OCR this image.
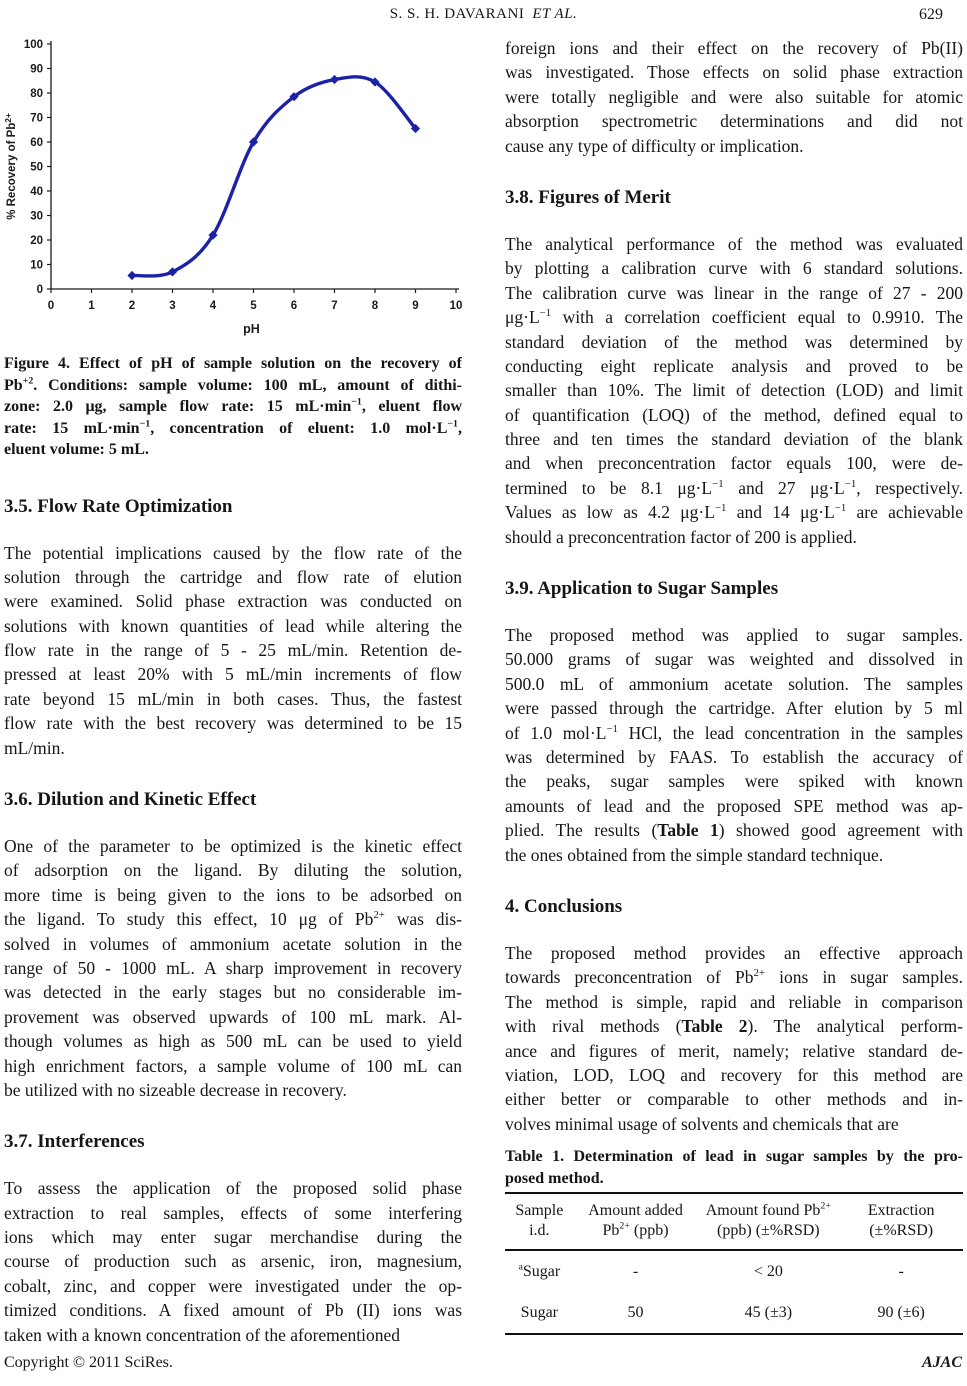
S. S. H. DAVARANI ET AL.	629
0
10
20
30
40
50
60
70
80
90
100
0	1	2	3	4	5	6	7	8	9	10
pH
% Recovery of $Pb^{2+}$
Figure 4. Effect of pH of sample solution on the recovery of
$Pb^{+2}$. Conditions: sample volume: 100 mL, amount of dithi-
zone: 2.0 μg, sample flow rate: 15 $mL\cdot\min^{-1}$, eluent flow
rate: 15 $mL\cdot\min^{-1}$, concentration of eluent: 1.0 $mol\cdot L^{-1}$,
eluent volume: 5 mL.
3.5. Flow Rate Optimization
The potential implications caused by the flow rate of the
solution through the cartridge and flow rate of elution
were examined. Solid phase extraction was conducted on
solutions with known quantities of lead while altering the
flow rate in the range of 5 - 25 mL/min. Retention de-
pressed at least 20% with 5 mL/min increments of flow
rate beyond 15 mL/min in both cases. Thus, the fastest
flow rate with the best recovery was determined to be 15
mL/min.
3.6. Dilution and Kinetic Effect
One of the parameter to be optimized is the kinetic effect
of adsorption on the ligand. By diluting the solution,
more time is being given to the ions to be adsorbed on
the ligand. To study this effect, 10 μg of $Pb^{2+}$ was dis-
solved in volumes of ammonium acetate solution in the
range of 50 - 1000 mL. A sharp improvement in recovery
was detected in the early stages but no considerable im-
provement was observed upwards of 100 mL mark. Al-
though volumes as high as 500 mL can be used to yield
high enrichment factors, a sample volume of 100 mL can
be utilized with no sizeable decrease in recovery.
3.7. Interferences
To assess the application of the proposed solid phase
extraction to real samples, effects of some interfering
ions which may enter sugar merchandise during the
course of production such as arsenic, iron, magnesium,
cobalt, zinc, and copper were investigated under the op-
timized conditions. A fixed amount of Pb (II) ions was
taken with a known concentration of the aforementioned
foreign ions and their effect on the recovery of Pb(II)
was investigated. Those effects on solid phase extraction
were totally negligible and were also suitable for atomic
absorption spectrometric determinations and did not
cause any type of difficulty or implication.
3.8. Figures of Merit
The analytical performance of the method was evaluated
by plotting a calibration curve with 6 standard solutions.
The calibration curve was linear in the range of 27 - 200
$\mu g\cdot L^{-1}$ with a correlation coefficient equal to 0.9910. The
standard deviation of the method was determined by
conducting eight replicate analysis and proved to be
smaller than 10%. The limit of detection (LOD) and limit
of quantification (LOQ) of the method, defined equal to
three and ten times the standard deviation of the blank
and when preconcentration factor equals 100, were de-
termined to be 8.1 $\mu g\cdot L^{-1}$ and 27 $\mu g\cdot L^{-1}$, respectively.
Values as low as 4.2 $\mu g\cdot L^{-1}$ and 14 $\mu g\cdot L^{-1}$ are achievable
should a preconcentration factor of 200 is applied.
3.9. Application to Sugar Samples
The proposed method was applied to sugar samples.
50.000 grams of sugar was weighted and dissolved in
500.0 mL of ammonium acetate solution. The samples
were passed through the cartridge. After elution by 5 ml
of 1.0 $mol\cdot L^{-1}$ HCl, the lead concentration in the samples
was determined by FAAS. To establish the accuracy of
the peaks, sugar samples were spiked with known
amounts of lead and the proposed SPE method was ap-
plied. The results (Table 1) showed good agreement with
the ones obtained from the simple standard technique.
4. Conclusions
The proposed method provides an effective approach
towards preconcentration of $Pb^{2+}$ ions in sugar samples.
The method is simple, rapid and reliable in comparison
with rival methods (Table 2). The analytical perform-
ance and figures of merit, namely; relative standard de-
viation, LOD, LOQ and recovery for this method are
either better or comparable to other methods and in-
volves minimal usage of solvents and chemicals that are
Table 1. Determination of lead in sugar samples by the pro-
posed method.
Sample
i.d.

Amount added
$Pb^{2+}$ (ppb)

Amount found $Pb^{2+}$
(ppb) (±%RSD)

Extraction
(±%RSD)

$^a$Sugar	-	< 20	-
Sugar	50	45 (±3)	90 (±6)
Copyright © 2011 SciRes.	AJAC
